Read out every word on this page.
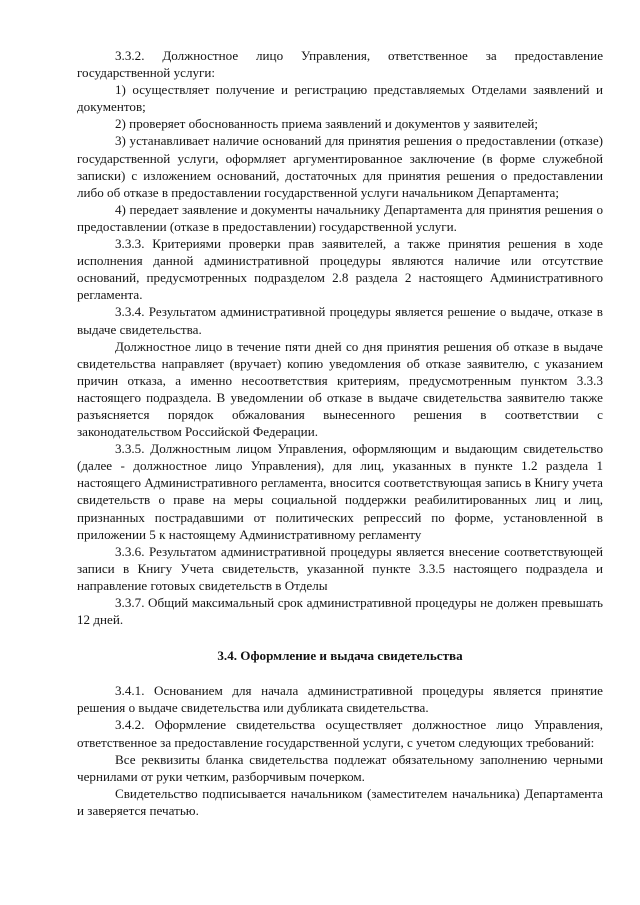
3.3.2. Должностное лицо Управления, ответственное за предоставление государственной услуги:

1) осуществляет получение и регистрацию представляемых Отделами заявлений и документов;

2) проверяет обоснованность приема заявлений и документов у заявителей;

3) устанавливает наличие оснований для принятия решения о предоставлении (отказе) государственной услуги, оформляет аргументированное заключение (в форме служебной записки) с изложением оснований, достаточных для принятия решения о предоставлении либо об отказе в предоставлении государственной услуги начальником Департамента;

4) передает заявление и документы начальнику Департамента для принятия решения о предоставлении (отказе в предоставлении) государственной услуги.

3.3.3. Критериями проверки прав заявителей, а также принятия решения в ходе исполнения данной административной процедуры являются наличие или отсутствие оснований, предусмотренных подразделом 2.8 раздела 2 настоящего Административного регламента.

3.3.4. Результатом административной процедуры является решение о выдаче, отказе в выдаче свидетельства.

Должностное лицо в течение пяти дней со дня принятия решения об отказе в выдаче свидетельства направляет (вручает) копию уведомления об отказе заявителю, с указанием причин отказа, а именно несоответствия критериям, предусмотренным пунктом 3.3.3 настоящего подраздела. В уведомлении об отказе в выдаче свидетельства заявителю также разъясняется порядок обжалования вынесенного решения в соответствии с законодательством Российской Федерации.

3.3.5. Должностным лицом Управления, оформляющим и выдающим свидетельство (далее - должностное лицо Управления), для лиц, указанных в пункте 1.2 раздела 1 настоящего Административного регламента, вносится соответствующая запись в Книгу учета свидетельств о праве на меры социальной поддержки реабилитированных лиц и лиц, признанных пострадавшими от политических репрессий по форме, установленной в приложении 5 к настоящему Административному регламенту

3.3.6. Результатом административной процедуры является внесение соответствующей записи в Книгу Учета свидетельств, указанной пункте 3.3.5 настоящего подраздела и направление готовых свидетельств в Отделы

3.3.7. Общий максимальный срок административной процедуры не должен превышать 12 дней.

3.4. Оформление и выдача свидетельства

3.4.1. Основанием для начала административной процедуры является принятие решения о выдаче свидетельства или дубликата свидетельства.

3.4.2. Оформление свидетельства осуществляет должностное лицо Управления, ответственное за предоставление государственной услуги, с учетом следующих требований:

Все реквизиты бланка свидетельства подлежат обязательному заполнению черными чернилами от руки четким, разборчивым почерком.

Свидетельство подписывается начальником (заместителем начальника) Департамента и заверяется печатью.
